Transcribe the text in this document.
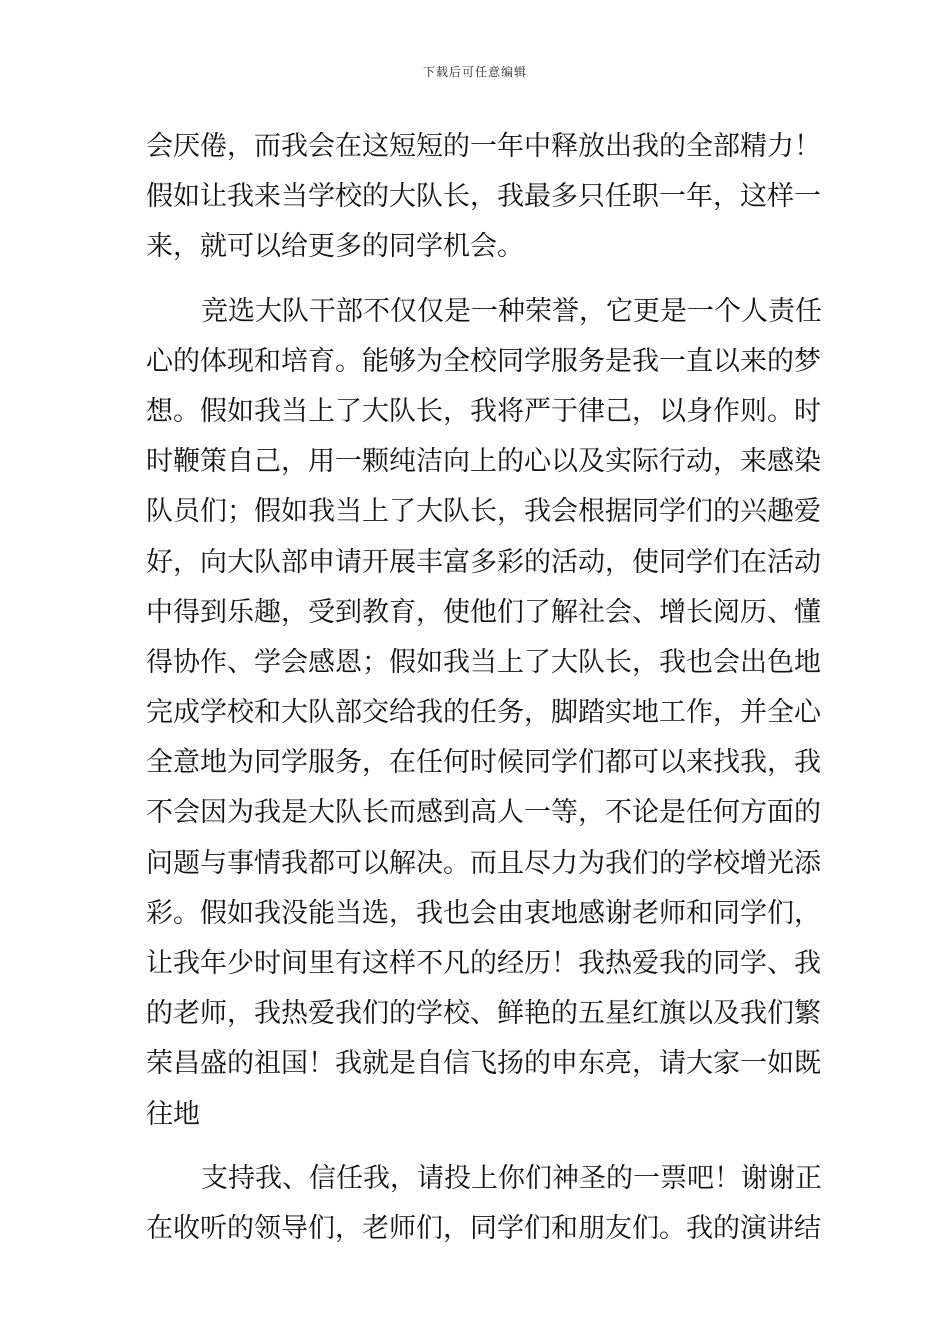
下载后可任意编辑
会厌倦，而我会在这短短的一年中释放出我的全部精力！
假如让我来当学校的大队长，我最多只任职一年，这样一
来，就可以给更多的同学机会。
竞选大队干部不仅仅是一种荣誉，它更是一个人责任
心的体现和培育。能够为全校同学服务是我一直以来的梦
想。假如我当上了大队长，我将严于律己，以身作则。时
时鞭策自己，用一颗纯洁向上的心以及实际行动，来感染
队员们；假如我当上了大队长，我会根据同学们的兴趣爱
好，向大队部申请开展丰富多彩的活动，使同学们在活动
中得到乐趣，受到教育，使他们了解社会、增长阅历、懂
得协作、学会感恩；假如我当上了大队长，我也会出色地
完成学校和大队部交给我的任务，脚踏实地工作，并全心
全意地为同学服务，在任何时候同学们都可以来找我，我
不会因为我是大队长而感到高人一等，不论是任何方面的
问题与事情我都可以解决。而且尽力为我们的学校增光添
彩。假如我没能当选，我也会由衷地感谢老师和同学们，
让我年少时间里有这样不凡的经历！我热爱我的同学、我
的老师，我热爱我们的学校、鲜艳的五星红旗以及我们繁
荣昌盛的祖国！我就是自信飞扬的申东亮，请大家一如既
往地
支持我、信任我，请投上你们神圣的一票吧！谢谢正
在收听的领导们，老师们，同学们和朋友们。我的演讲结
